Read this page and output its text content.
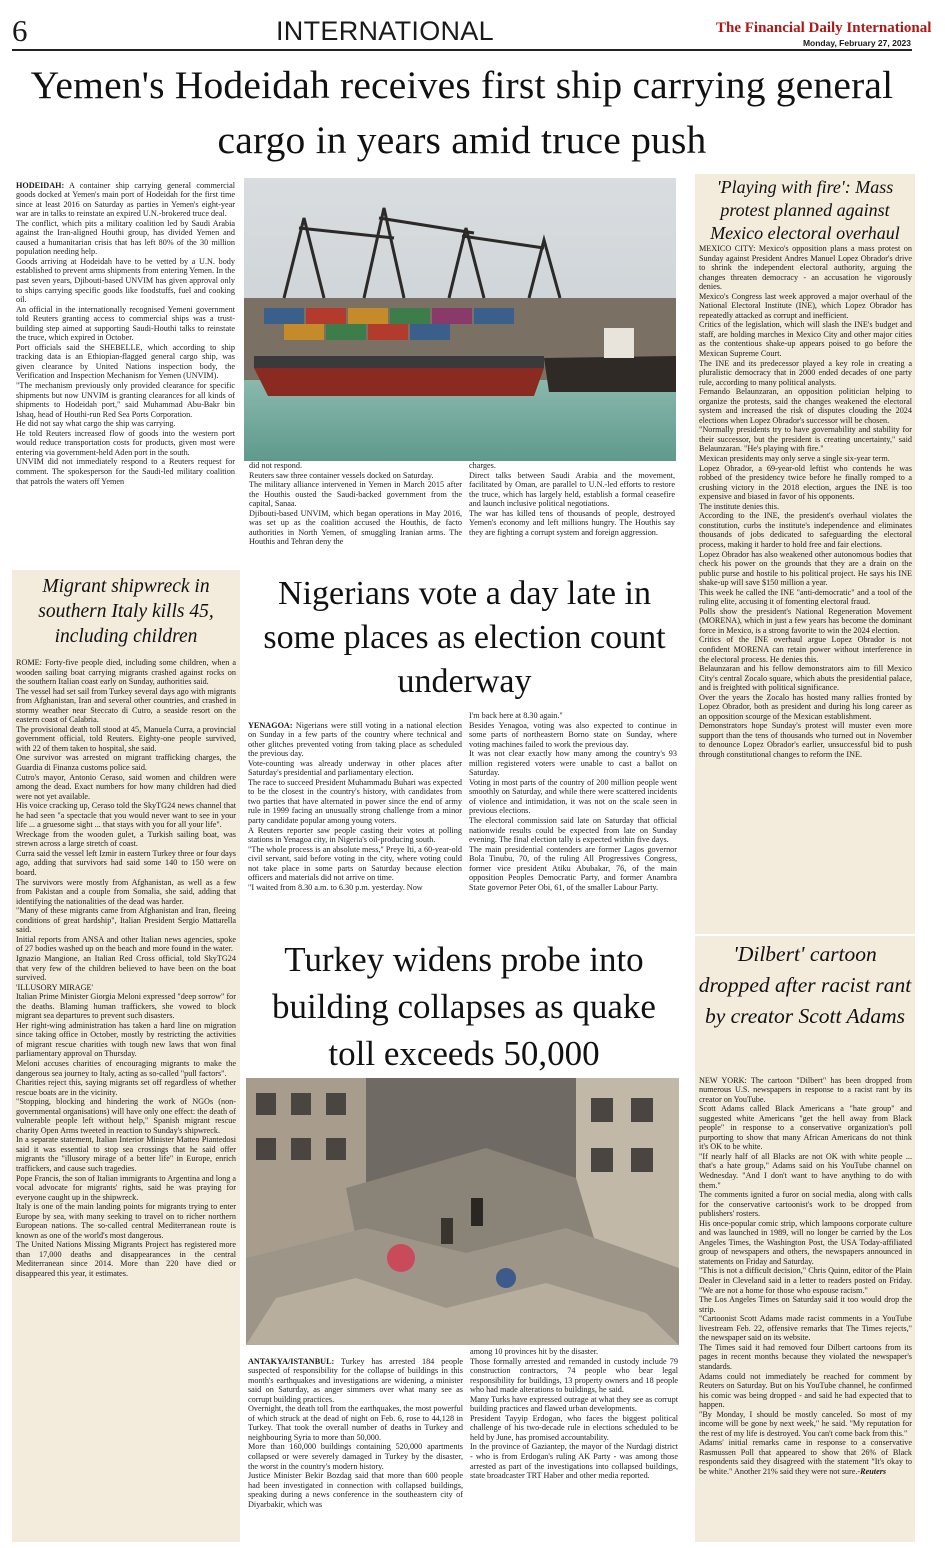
6	INTERNATIONAL	The Financial Daily International
Monday, February 27, 2023
Yemen's Hodeidah receives first ship carrying general cargo in years amid truce push

HODEIDAH: A container ship carrying general commercial goods docked at Yemen's main port of Hodeidah for the first time since at least 2016 on Saturday as parties in Yemen's eight-year war are in talks to reinstate an expired U.N.-brokered truce deal.
The conflict, which pits a military coalition led by Saudi Arabia against the Iran-aligned Houthi group, has divided Yemen and caused a humanitarian crisis that has left 80% of the 30 million population needing help.
Goods arriving at Hodeidah have to be vetted by a U.N. body established to prevent arms shipments from entering Yemen. In the past seven years, Djibouti-based UNVIM has given approval only to ships carrying specific goods like foodstuffs, fuel and cooking oil.
An official in the internationally recognised Yemeni government told Reuters granting access to commercial ships was a trust-building step aimed at supporting Saudi-Houthi talks to reinstate the truce, which expired in October.
Port officials said the SHEBELLE, which according to ship tracking data is an Ethiopian-flagged general cargo ship, was given clearance by United Nations inspection body, the Verification and Inspection Mechanism for Yemen (UNVIM).
"The mechanism previously only provided clearance for specific shipments but now UNVIM is granting clearances for all kinds of shipments to Hodeidah port," said Muhammad Abu-Bakr bin Ishaq, head of Houthi-run Red Sea Ports Corporation.
He did not say what cargo the ship was carrying.
He told Reuters increased flow of goods into the western port would reduce transportation costs for products, given most were entering via government-held Aden port in the south.
UNVIM did not immediately respond to a Reuters request for comment. The spokesperson for the Saudi-led military coalition that patrols the waters off Yemen

did not respond.
Reuters saw three container vessels docked on Saturday.
The military alliance intervened in Yemen in March 2015 after the Houthis ousted the Saudi-backed government from the capital, Sanaa.
Djibouti-based UNVIM, which began operations in May 2016, was set up as the coalition accused the Houthis, de facto authorities in North Yemen, of smuggling Iranian arms. The Houthis and Tehran deny the
charges.
Direct talks between Saudi Arabia and the movement, facilitated by Oman, are parallel to U.N.-led efforts to restore the truce, which has largely held, establish a formal ceasefire and launch inclusive political negotiations.
The war has killed tens of thousands of people, destroyed Yemen's economy and left millions hungry. The Houthis say they are fighting a corrupt system and foreign aggression.
'Playing with fire': Mass protest planned against Mexico electoral overhaul
MEXICO CITY: Mexico's opposition plans a mass protest on Sunday against President Andres Manuel Lopez Obrador's drive to shrink the independent electoral authority, arguing the changes threaten democracy - an accusation he vigorously denies.
Mexico's Congress last week approved a major overhaul of the National Electoral Institute (INE), which Lopez Obrador has repeatedly attacked as corrupt and inefficient.
Critics of the legislation, which will slash the INE's budget and staff, are holding marches in Mexico City and other major cities as the contentious shake-up appears poised to go before the Mexican Supreme Court.
The INE and its predecessor played a key role in creating a pluralistic democracy that in 2000 ended decades of one party rule, according to many political analysts.
Fernando Belaunzaran, an opposition politician helping to organize the protests, said the changes weakened the electoral system and increased the risk of disputes clouding the 2024 elections when Lopez Obrador's successor will be chosen.
"Normally presidents try to have governability and stability for their successor, but the president is creating uncertainty," said Belaunzaran. "He's playing with fire."
Mexican presidents may only serve a single six-year term.
Lopez Obrador, a 69-year-old leftist who contends he was robbed of the presidency twice before he finally romped to a crushing victory in the 2018 election, argues the INE is too expensive and biased in favor of his opponents.
The institute denies this.
According to the INE, the president's overhaul violates the constitution, curbs the institute's independence and eliminates thousands of jobs dedicated to safeguarding the electoral process, making it harder to hold free and fair elections.
Lopez Obrador has also weakened other autonomous bodies that check his power on the grounds that they are a drain on the public purse and hostile to his political project. He says his INE shake-up will save $150 million a year.
This week he called the INE "anti-democratic" and a tool of the ruling elite, accusing it of fomenting electoral fraud.
Polls show the president's National Regeneration Movement (MORENA), which in just a few years has become the dominant force in Mexico, is a strong favorite to win the 2024 election.
Critics of the INE overhaul argue Lopez Obrador is not confident MORENA can retain power without interference in the electoral process. He denies this.
Belaunzaran and his fellow demonstrators aim to fill Mexico City's central Zocalo square, which abuts the presidential palace, and is freighted with political significance.
Over the years the Zocalo has hosted many rallies fronted by Lopez Obrador, both as president and during his long career as an opposition scourge of the Mexican establishment.
Demonstrators hope Sunday's protest will muster even more support than the tens of thousands who turned out in November to denounce Lopez Obrador's earlier, unsuccessful bid to push through constitutional changes to reform the INE.
Migrant shipwreck in southern Italy kills 45, including children
ROME: Forty-five people died, including some children, when a wooden sailing boat carrying migrants crashed against rocks on the southern Italian coast early on Sunday, authorities said.
The vessel had set sail from Turkey several days ago with migrants from Afghanistan, Iran and several other countries, and crashed in stormy weather near Steccato di Cutro, a seaside resort on the eastern coast of Calabria.
The provisional death toll stood at 45, Manuela Curra, a provincial government official, told Reuters. Eighty-one people survived, with 22 of them taken to hospital, she said.
One survivor was arrested on migrant trafficking charges, the Guardia di Finanza customs police said.
Cutro's mayor, Antonio Ceraso, said women and children were among the dead. Exact numbers for how many children had died were not yet available.
His voice cracking up, Ceraso told the SkyTG24 news channel that he had seen "a spectacle that you would never want to see in your life ... a gruesome sight ... that stays with you for all your life".
Wreckage from the wooden gulet, a Turkish sailing boat, was strewn across a large stretch of coast.
Curra said the vessel left Izmir in eastern Turkey three or four days ago, adding that survivors had said some 140 to 150 were on board.
The survivors were mostly from Afghanistan, as well as a few from Pakistan and a couple from Somalia, she said, adding that identifying the nationalities of the dead was harder.
"Many of these migrants came from Afghanistan and Iran, fleeing conditions of great hardship", Italian President Sergio Mattarella said.
Initial reports from ANSA and other Italian news agencies, spoke of 27 bodies washed up on the beach and more found in the water.
Ignazio Mangione, an Italian Red Cross official, told SkyTG24 that very few of the children believed to have been on the boat survived.
'ILLUSORY MIRAGE'
Italian Prime Minister Giorgia Meloni expressed "deep sorrow" for the deaths. Blaming human traffickers, she vowed to block migrant sea departures to prevent such disasters.
Her right-wing administration has taken a hard line on migration since taking office in October, mostly by restricting the activities of migrant rescue charities with tough new laws that won final parliamentary approval on Thursday.
Meloni accuses charities of encouraging migrants to make the dangerous sea journey to Italy, acting as so-called "pull factors".
Charities reject this, saying migrants set off regardless of whether rescue boats are in the vicinity.
"Stopping, blocking and hindering the work of NGOs (non-governmental organisations) will have only one effect: the death of vulnerable people left without help," Spanish migrant rescue charity Open Arms tweeted in reaction to Sunday's shipwreck.
In a separate statement, Italian Interior Minister Matteo Piantedosi said it was essential to stop sea crossings that he said offer migrants the "illusory mirage of a better life" in Europe, enrich traffickers, and cause such tragedies.
Pope Francis, the son of Italian immigrants to Argentina and long a vocal advocate for migrants' rights, said he was praying for everyone caught up in the shipwreck.
Italy is one of the main landing points for migrants trying to enter Europe by sea, with many seeking to travel on to richer northern European nations. The so-called central Mediterranean route is known as one of the world's most dangerous.
The United Nations Missing Migrants Project has registered more than 17,000 deaths and disappearances in the central Mediterranean since 2014. More than 220 have died or disappeared this year, it estimates.
Nigerians vote a day late in some places as election count underway

YENAGOA: Nigerians were still voting in a national election on Sunday in a few parts of the country where technical and other glitches prevented voting from taking place as scheduled the previous day.
Vote-counting was already underway in other places after Saturday's presidential and parliamentary election.
The race to succeed President Muhammadu Buhari was expected to be the closest in the country's history, with candidates from two parties that have alternated in power since the end of army rule in 1999 facing an unusually strong challenge from a minor party candidate popular among young voters.
A Reuters reporter saw people casting their votes at polling stations in Yenagoa city, in Nigeria's oil-producing south.
"The whole process is an absolute mess," Preye Iti, a 60-year-old civil servant, said before voting in the city, where voting could not take place in some parts on Saturday because election officers and materials did not arrive on time.
"I waited from 8.30 a.m. to 6.30 p.m. yesterday. Now

I'm back here at 8.30 again."
Besides Yenagoa, voting was also expected to continue in some parts of northeastern Borno state on Sunday, where voting machines failed to work the previous day.
It was not clear exactly how many among the country's 93 million registered voters were unable to cast a ballot on Saturday.
Voting in most parts of the country of 200 million people went smoothly on Saturday, and while there were scattered incidents of violence and intimidation, it was not on the scale seen in previous elections.
The electoral commission said late on Saturday that official nationwide results could be expected from late on Sunday evening. The final election tally is expected within five days.
The main presidential contenders are former Lagos governor Bola Tinubu, 70, of the ruling All Progressives Congress, former vice president Atiku Abubakar, 76, of the main opposition Peoples Democratic Party, and former Anambra State governor Peter Obi, 61, of the smaller Labour Party.
Turkey widens probe into building collapses as quake toll exceeds 50,000

ANTAKYA/ISTANBUL: Turkey has arrested 184 people suspected of responsibility for the collapse of buildings in this month's earthquakes and investigations are widening, a minister said on Saturday, as anger simmers over what many see as corrupt building practices.
Overnight, the death toll from the earthquakes, the most powerful of which struck at the dead of night on Feb. 6, rose to 44,128 in Turkey. That took the overall number of deaths in Turkey and neighbouring Syria to more than 50,000.
More than 160,000 buildings containing 520,000 apartments collapsed or were severely damaged in Turkey by the disaster, the worst in the country's modern history.
Justice Minister Bekir Bozdag said that more than 600 people had been investigated in connection with collapsed buildings, speaking during a news conference in the southeastern city of Diyarbakir, which was

among 10 provinces hit by the disaster.
Those formally arrested and remanded in custody include 79 construction contractors, 74 people who bear legal responsibility for buildings, 13 property owners and 18 people who had made alterations to buildings, he said.
Many Turks have expressed outrage at what they see as corrupt building practices and flawed urban developments.
President Tayyip Erdogan, who faces the biggest political challenge of his two-decade rule in elections scheduled to be held by June, has promised accountability.
In the province of Gaziantep, the mayor of the Nurdagi district - who is from Erdogan's ruling AK Party - was among those arrested as part of the investigations into collapsed buildings, state broadcaster TRT Haber and other media reported.
'Dilbert' cartoon dropped after racist rant by creator Scott Adams

NEW YORK: The cartoon "Dilbert" has been dropped from numerous U.S. newspapers in response to a racist rant by its creator on YouTube.
Scott Adams called Black Americans a "hate group" and suggested white Americans "get the hell away from Black people" in response to a conservative organization's poll purporting to show that many African Americans do not think it's OK to be white.
"If nearly half of all Blacks are not OK with white people ... that's a hate group," Adams said on his YouTube channel on Wednesday. "And I don't want to have anything to do with them."
The comments ignited a furor on social media, along with calls for the conservative cartoonist's work to be dropped from publishers' rosters.
His once-popular comic strip, which lampoons corporate culture and was launched in 1989, will no longer be carried by the Los Angeles Times, the Washington Post, the USA Today-affiliated group of newspapers and others, the newspapers announced in statements on Friday and Saturday.
"This is not a difficult decision," Chris Quinn, editor of the Plain Dealer in Cleveland said in a letter to readers posted on Friday. "We are not a home for those who espouse racism."
The Los Angeles Times on Saturday said it too would drop the strip.
"Cartoonist Scott Adams made racist comments in a YouTube livestream Feb. 22, offensive remarks that The Times rejects," the newspaper said on its website.
The Times said it had removed four Dilbert cartoons from its pages in recent months because they violated the newspaper's standards.
Adams could not immediately be reached for comment by Reuters on Saturday. But on his YouTube channel, he confirmed his comic was being dropped - and said he had expected that to happen.
"By Monday, I should be mostly canceled. So most of my income will be gone by next week," he said. "My reputation for the rest of my life is destroyed. You can't come back from this."
Adams' initial remarks came in response to a conservative Rasmussen Poll that appeared to show that 26% of Black respondents said they disagreed with the statement "It's okay to be white." Another 21% said they were not sure.-Reuters
